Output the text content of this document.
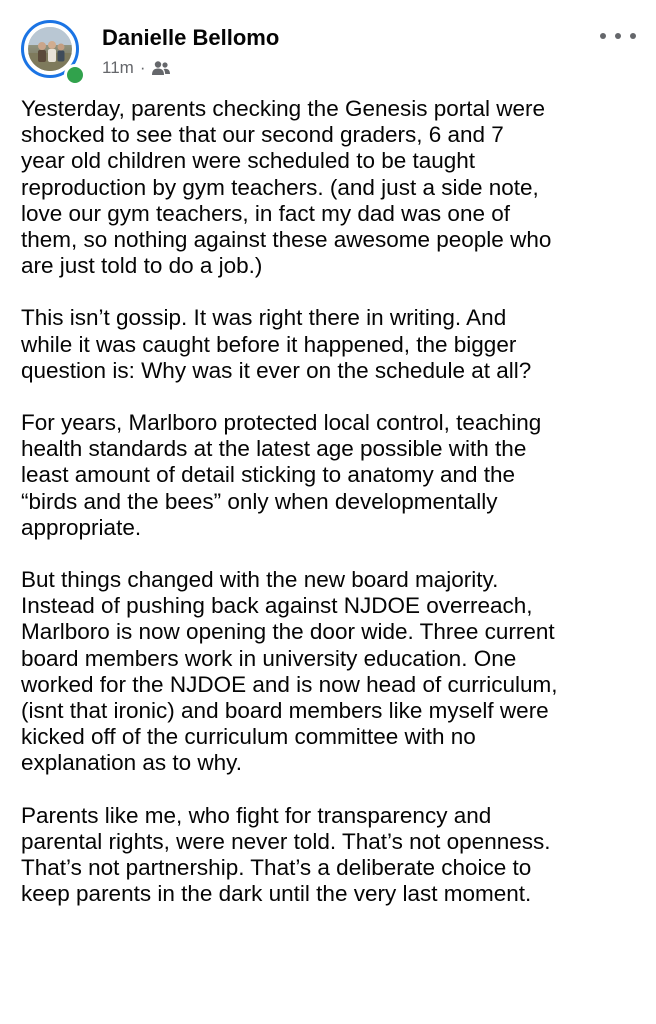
Danielle Bellomo
11m ·

Yesterday, parents checking the Genesis portal were
shocked to see that our second graders, 6 and 7
year old children were scheduled to be taught
reproduction by gym teachers. (and just a side note,
love our gym teachers, in fact my dad was one of
them, so nothing against these awesome people who
are just told to do a job.)

This isn’t gossip. It was right there in writing. And
while it was caught before it happened, the bigger
question is: Why was it ever on the schedule at all?

For years, Marlboro protected local control, teaching
health standards at the latest age possible with the
least amount of detail sticking to anatomy and the
“birds and the bees” only when developmentally
appropriate.

But things changed with the new board majority.
Instead of pushing back against NJDOE overreach,
Marlboro is now opening the door wide. Three current
board members work in university education. One
worked for the NJDOE and is now head of curriculum,
(isnt that ironic) and board members like myself were
kicked off of the curriculum committee with no
explanation as to why.

Parents like me, who fight for transparency and
parental rights, were never told. That’s not openness.
That’s not partnership. That’s a deliberate choice to
keep parents in the dark until the very last moment.
